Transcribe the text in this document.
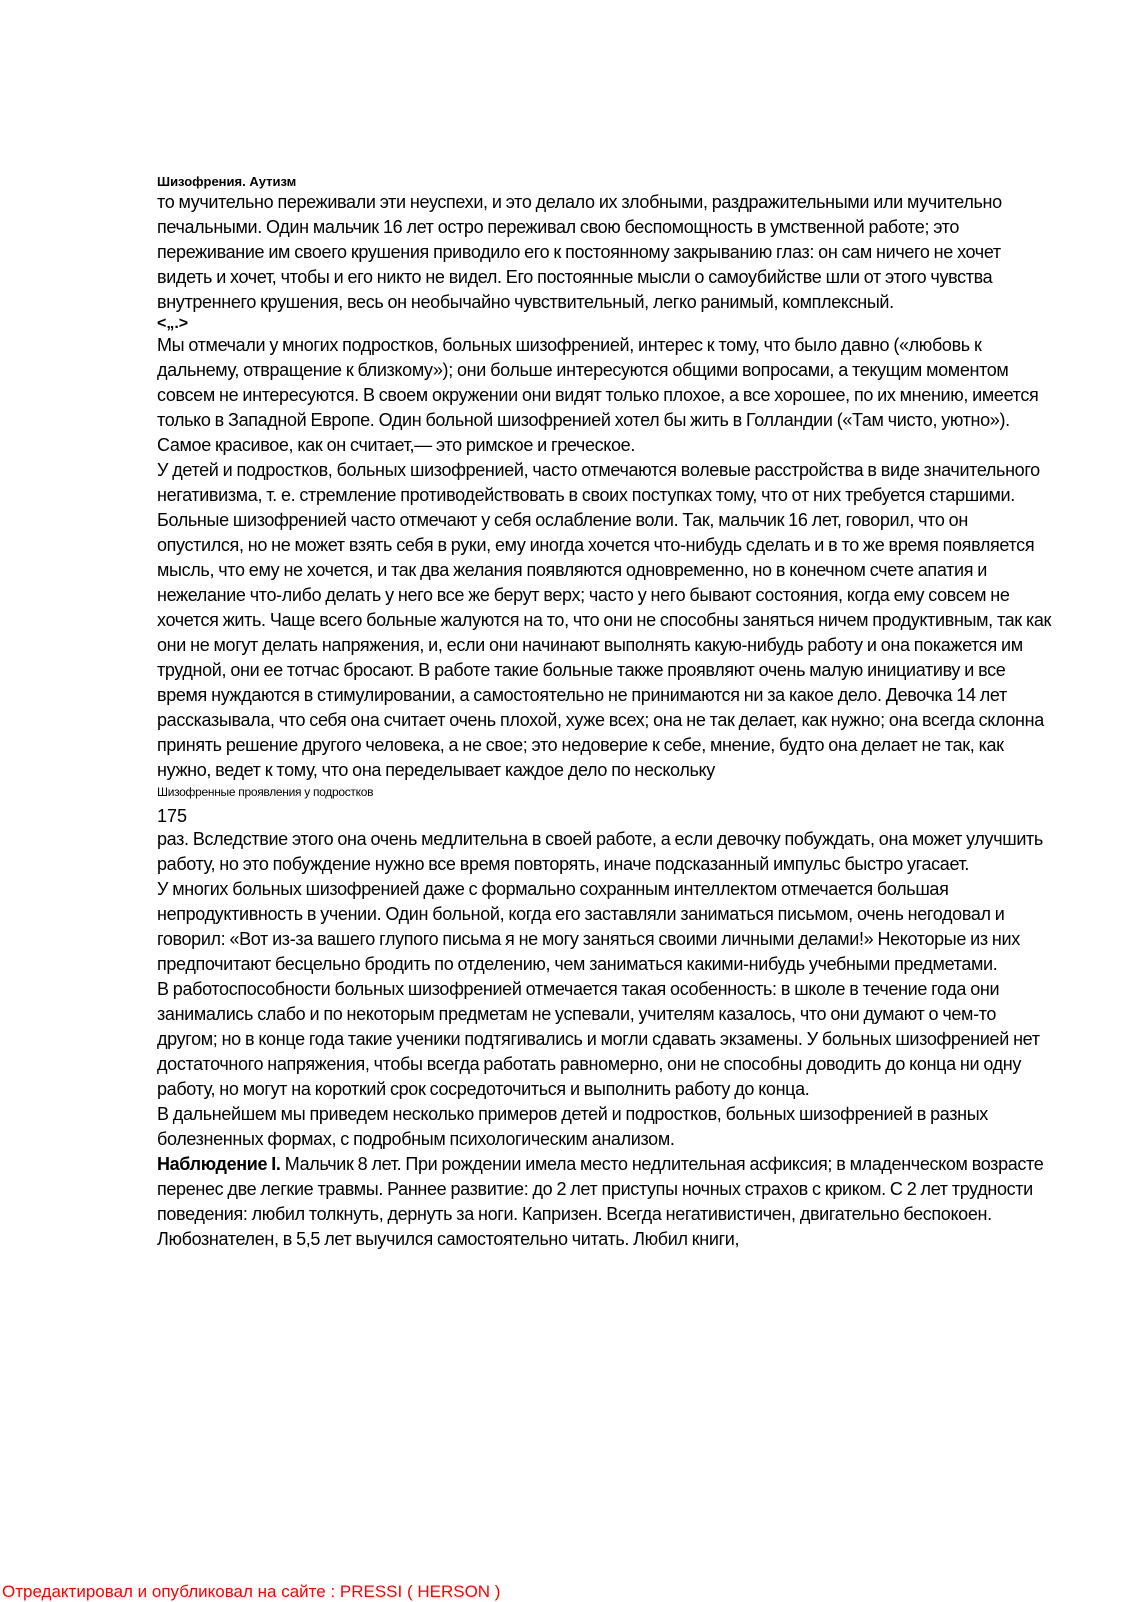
Шизофрения. Аутизм

то мучительно переживали эти неуспехи, и это делало их злобными, раздражительными или мучительно печальными. Один мальчик 16 лет остро переживал свою беспомощность в умственной работе; это переживание им своего крушения приводило его к постоянному закрыванию глаз: он сам ничего не хочет видеть и хочет, чтобы и его никто не видел. Его постоянные мысли о самоубийстве шли от этого чувства внутреннего крушения, весь он необычайно чувствительный, легко ранимый, комплексный.

<„.>

Мы отмечали у многих подростков, больных шизофренией, интерес к тому, что было давно («любовь к дальнему, отвращение к близкому»); они больше интересуются общими вопросами, а текущим моментом совсем не интересуются. В своем окружении они видят только плохое, а все хорошее, по их мнению, имеется только в Западной Европе. Один больной шизофренией хотел бы жить в Голландии («Там чисто, уютно»). Самое красивое, как он считает,— это римское и греческое.

У детей и подростков, больных шизофренией, часто отмечаются волевые расстройства в виде значительного негативизма, т. е. стремление противодействовать в своих поступках тому, что от них требуется старшими.

Больные шизофренией часто отмечают у себя ослабление воли. Так, мальчик 16 лет, говорил, что он опустился, но не может взять себя в руки, ему иногда хочется что-нибудь сделать и в то же время появляется мысль, что ему не хочется, и так два желания появляются одновременно, но в конечном счете апатия и нежелание что-либо делать у него все же берут верх; часто у него бывают состояния, когда ему совсем не хочется жить. Чаще всего больные жалуются на то, что они не способны заняться ничем продуктивным, так как они не могут делать напряжения, и, если они начинают выполнять какую-нибудь работу и она покажется им трудной, они ее тотчас бросают. В работе такие больные также проявляют очень малую инициативу и все время нуждаются в стимулировании, а самостоятельно не принимаются ни за какое дело. Девочка 14 лет рассказывала, что себя она считает очень плохой, хуже всех; она не так делает, как нужно; она всегда склонна принять решение другого человека, а не свое; это недоверие к себе, мнение, будто она делает не так, как нужно, ведет к тому, что она переделывает каждое дело по нескольку

Шизофренные проявления у подростков

175

раз. Вследствие этого она очень медлительна в своей работе, а если девочку побуждать, она может улучшить работу, но это побуждение нужно все время повторять, иначе подсказанный импульс быстро угасает.

У многих больных шизофренией даже с формально сохранным интеллектом отмечается большая непродуктивность в учении. Один больной, когда его заставляли заниматься письмом, очень негодовал и говорил: «Вот из-за вашего глупого письма я не могу заняться своими личными делами!» Некоторые из них предпочитают бесцельно бродить по отделению, чем заниматься какими-нибудь учебными предметами.

В работоспособности больных шизофренией отмечается такая особенность: в школе в течение года они занимались слабо и по некоторым предметам не успевали, учителям казалось, что они думают о чем-то другом; но в конце года такие ученики подтягивались и могли сдавать экзамены. У больных шизофренией нет достаточного напряжения, чтобы всегда работать равномерно, они не способны доводить до конца ни одну работу, но могут на короткий срок сосредоточиться и выполнить работу до конца.

В дальнейшем мы приведем несколько примеров детей и подростков, больных шизофренией в разных болезненных формах, с подробным психологическим анализом.

Наблюдение I. Мальчик 8 лет. При рождении имела место недлительная асфиксия; в младенческом возрасте перенес две легкие травмы. Раннее развитие: до 2 лет приступы ночных страхов с криком. С 2 лет трудности поведения: любил толкнуть, дернуть за ноги. Капризен. Всегда негативистичен, двигательно беспокоен. Любознателен, в 5,5 лет выучился самостоятельно читать. Любил книги,

Отредактировал и опубликовал на сайте : PRESSI ( HERSON )
